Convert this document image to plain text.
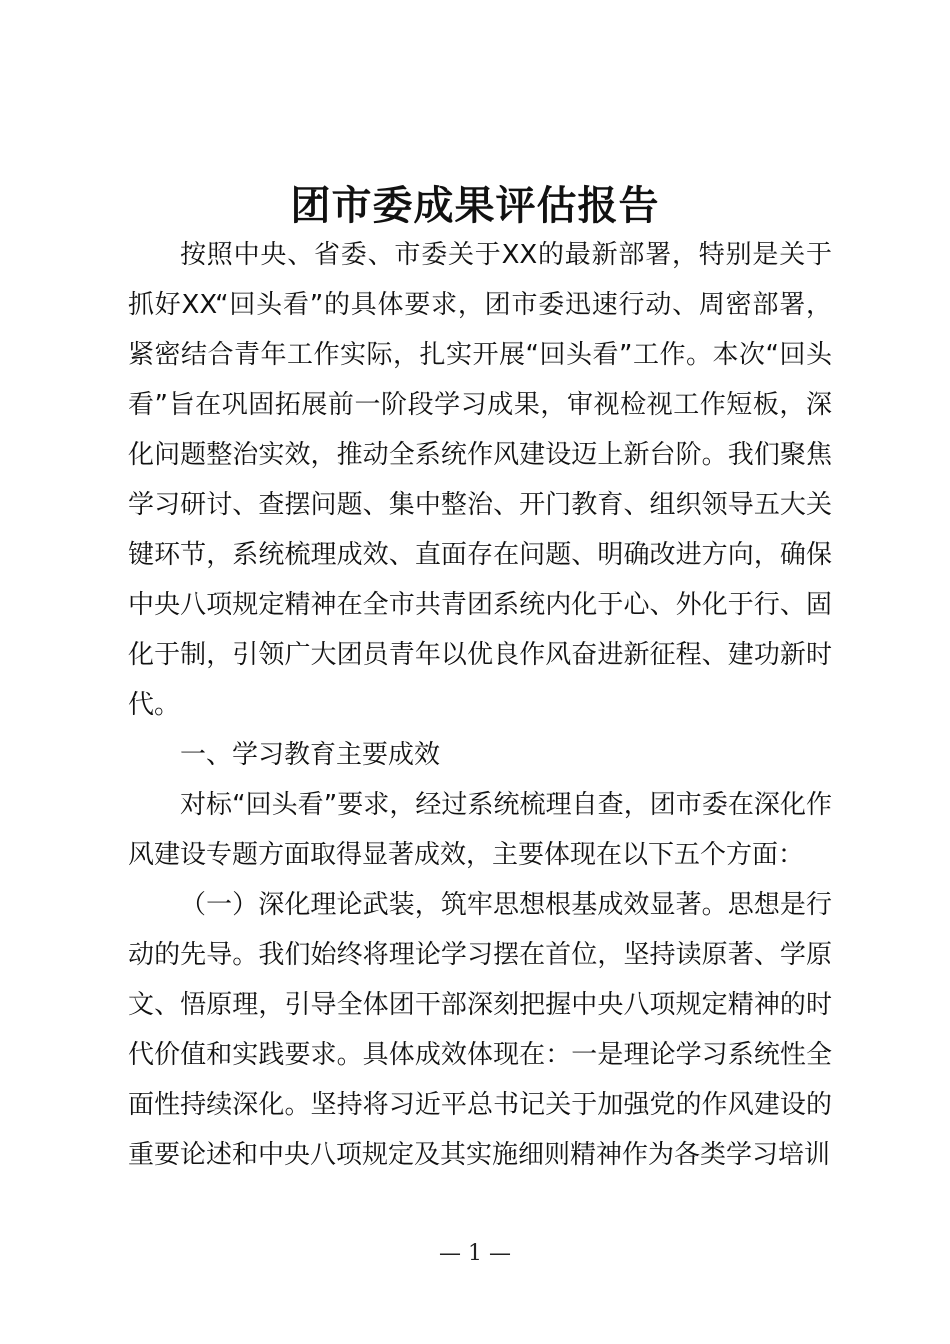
团市委成果评估报告

按照中央、省委、市委关于XX的最新部署，特别是关于抓好XX“回头看”的具体要求，团市委迅速行动、周密部署，紧密结合青年工作实际，扎实开展“回头看”工作。本次“回头看”旨在巩固拓展前一阶段学习成果，审视检视工作短板，深化问题整治实效，推动全系统作风建设迈上新台阶。我们聚焦学习研讨、查摆问题、集中整治、开门教育、组织领导五大关键环节，系统梳理成效、直面存在问题、明确改进方向，确保中央八项规定精神在全市共青团系统内化于心、外化于行、固化于制，引领广大团员青年以优良作风奋进新征程、建功新时代。

一、学习教育主要成效

对标“回头看”要求，经过系统梳理自查，团市委在深化作风建设专题方面取得显著成效，主要体现在以下五个方面：

（一）深化理论武装，筑牢思想根基成效显著。思想是行动的先导。我们始终将理论学习摆在首位，坚持读原著、学原文、悟原理，引导全体团干部深刻把握中央八项规定精神的时代价值和实践要求。具体成效体现在：一是理论学习系统性全面性持续深化。坚持将习近平总书记关于加强党的作风建设的重要论述和中央八项规定及其实施细则精神作为各类学习培训

— 1 —
